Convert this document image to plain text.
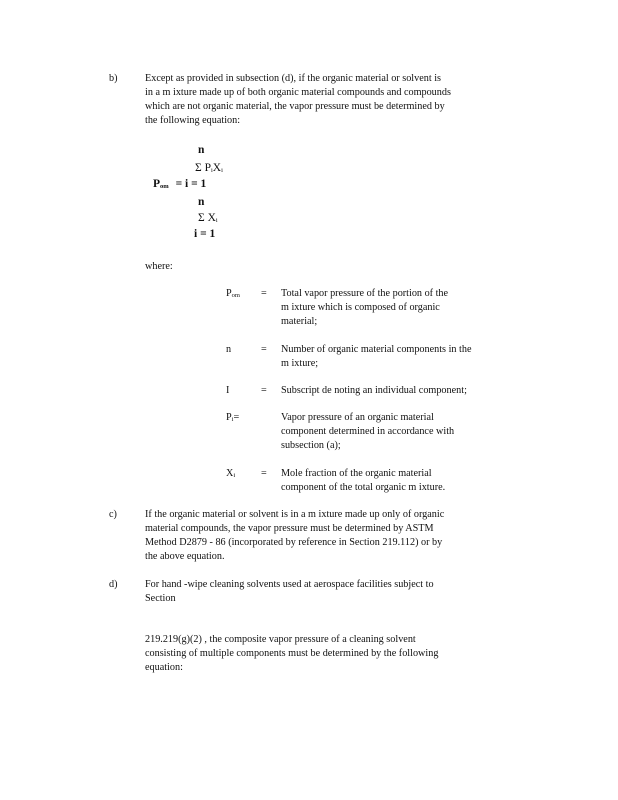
b)	Except as provided in subsection (d), if the organic material or solvent is
in a m ixture made up of both organic material compounds and compounds
which are not organic material, the vapor pressure must be determined by
the following equation:
n
Σ $P_iX_i$
$P_{om} = i = 1$
n
Σ $X_i$
i = 1
where:
$P_{om}$ = Total vapor pressure of the portion of the
m ixture which is composed of organic
material;
n	= Number of organic material components in the
m ixture;
I	= Subscript de noting an individual component;
$P_i=$	Vapor pressure of an organic material
component determined in accordance with
subsection (a);
$X_i$	= Mole fraction of the organic material
component of the total organic m ixture.
c)	If the organic material or solvent is in a m ixture made up only of organic
material compounds, the vapor pressure must be determined by ASTM
Method D2879 - 86 (incorporated by reference in Section 219.112) or by
the above equation.
d)	For hand -wipe cleaning solvents used at aerospace facilities subject to
Section
219.219(g)(2) , the composite vapor pressure of a cleaning solvent
consisting of multiple components must be determined by the following
equation:
